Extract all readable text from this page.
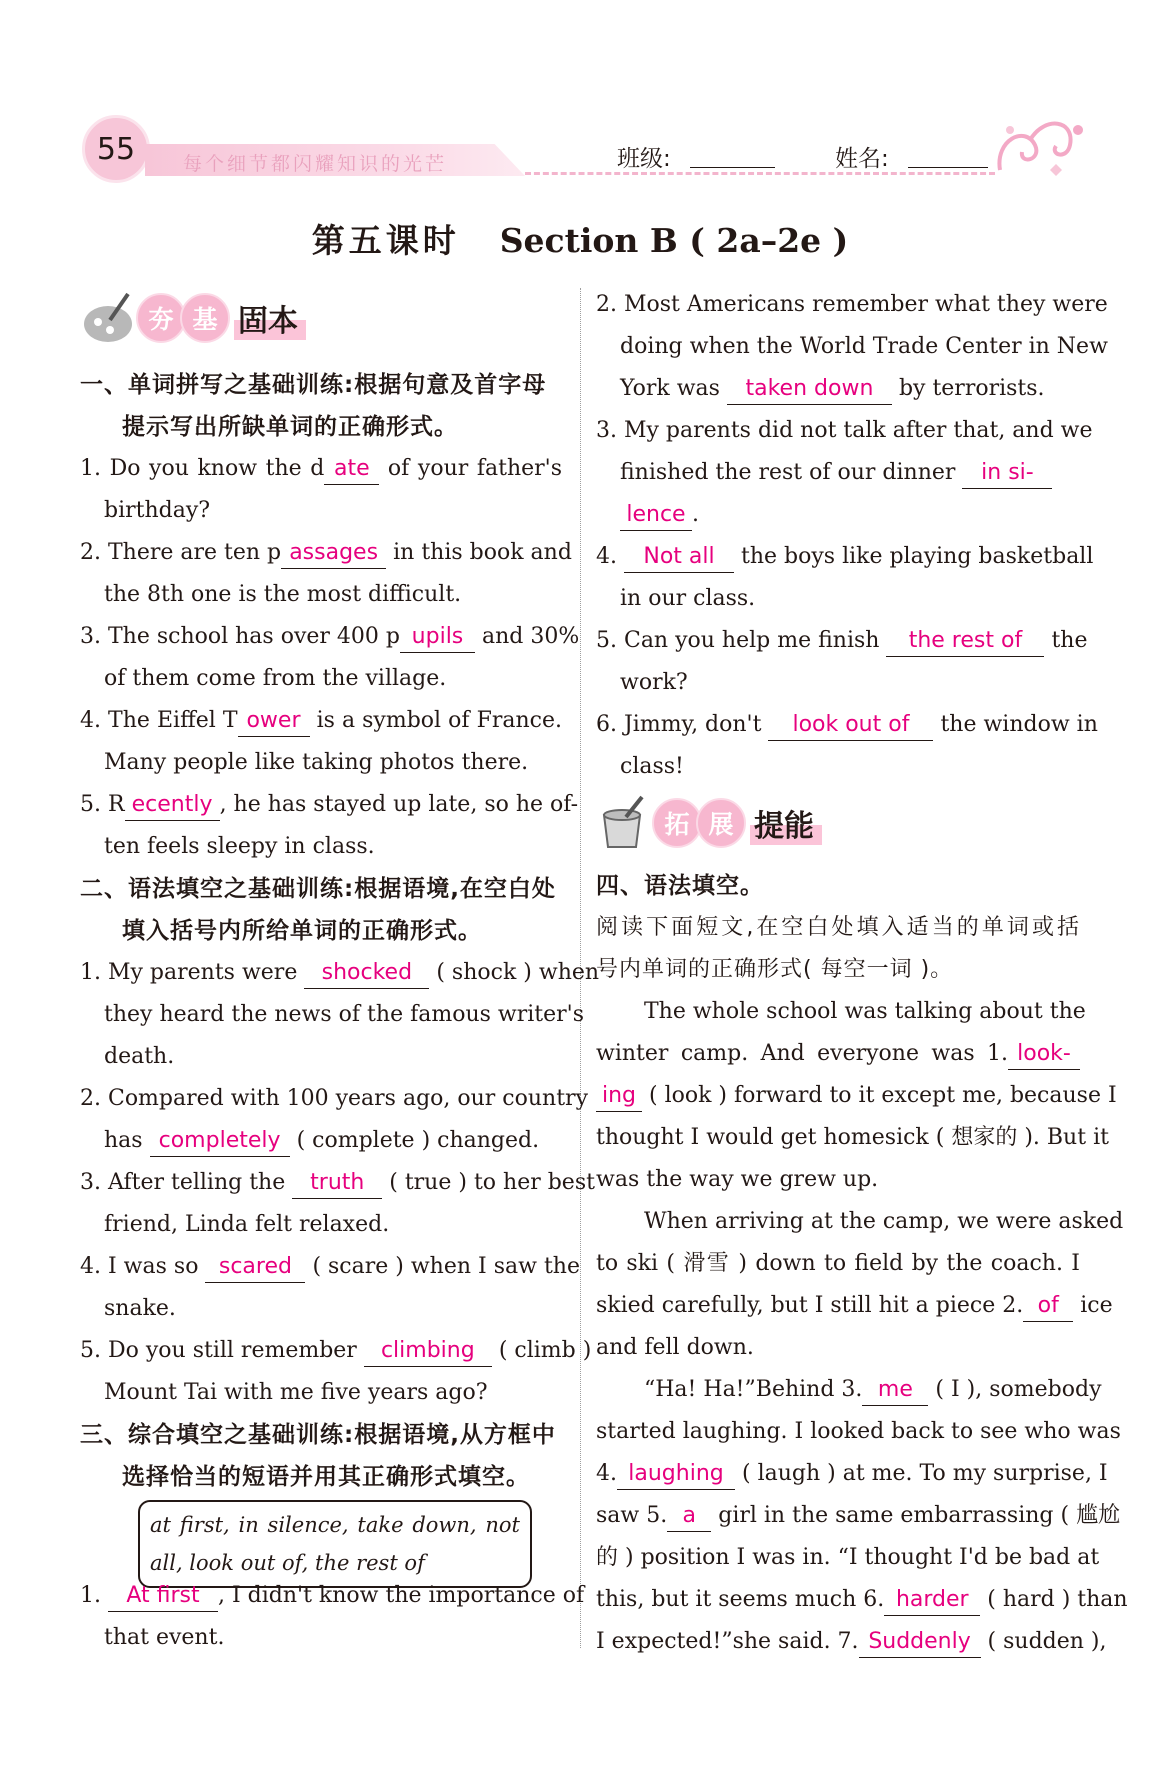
55	每个细节都闪耀知识的光芒	班级:	姓名:
第五课时 Section B ( 2a–2e )
夯 基 固本
一、单词拼写之基础训练:根据句意及首字母
提示写出所缺单词的正确形式。
1. Do you know the d ate of your father's
birthday?
2. There are ten p assages in this book and
the 8th one is the most difficult.
3. The school has over 400 p upils and 30%
of them come from the village.
4. The Eiffel T ower is a symbol of France.
Many people like taking photos there.
5. R ecently , he has stayed up late, so he of-
ten feels sleepy in class.
二、语法填空之基础训练:根据语境,在空白处
填入括号内所给单词的正确形式。
1. My parents were shocked ( shock ) when
they heard the news of the famous writer's
death.
2. Compared with 100 years ago, our country
has completely ( complete ) changed.
3. After telling the truth ( true ) to her best
friend, Linda felt relaxed.
4. I was so scared ( scare ) when I saw the
snake.
5. Do you still remember climbing ( climb )
Mount Tai with me five years ago?
三、综合填空之基础训练:根据语境,从方框中
选择恰当的短语并用其正确形式填空。
at first, in silence, take down, not
all, look out of, the rest of
1. At first , I didn't know the importance of
that event.
2. Most Americans remember what they were
doing when the World Trade Center in New
York was taken down by terrorists.
3. My parents did not talk after that, and we
finished the rest of our dinner in si-
lence .
4. Not all the boys like playing basketball
in our class.
5. Can you help me finish the rest of the
work?
6. Jimmy, don't look out of the window in
class!
拓 展 提能
四、语法填空。
阅读下面短文,在空白处填入适当的单词或括
号内单词的正确形式( 每空一词 )。
The whole school was talking about the
winter camp. And everyone was 1. look-
ing ( look ) forward to it except me, because I
thought I would get homesick ( 想家的 ). But it
was the way we grew up.
When arriving at the camp, we were asked
to ski ( 滑雪 ) down to field by the coach. I
skied carefully, but I still hit a piece 2. of ice
and fell down.
“Ha! Ha!”Behind 3. me ( I ), somebody
started laughing. I looked back to see who was
4. laughing ( laugh ) at me. To my surprise, I
saw 5. a girl in the same embarrassing ( 尴尬
的 ) position I was in. “I thought I'd be bad at
this, but it seems much 6. harder ( hard ) than
I expected!”she said. 7. Suddenly ( sudden ),
